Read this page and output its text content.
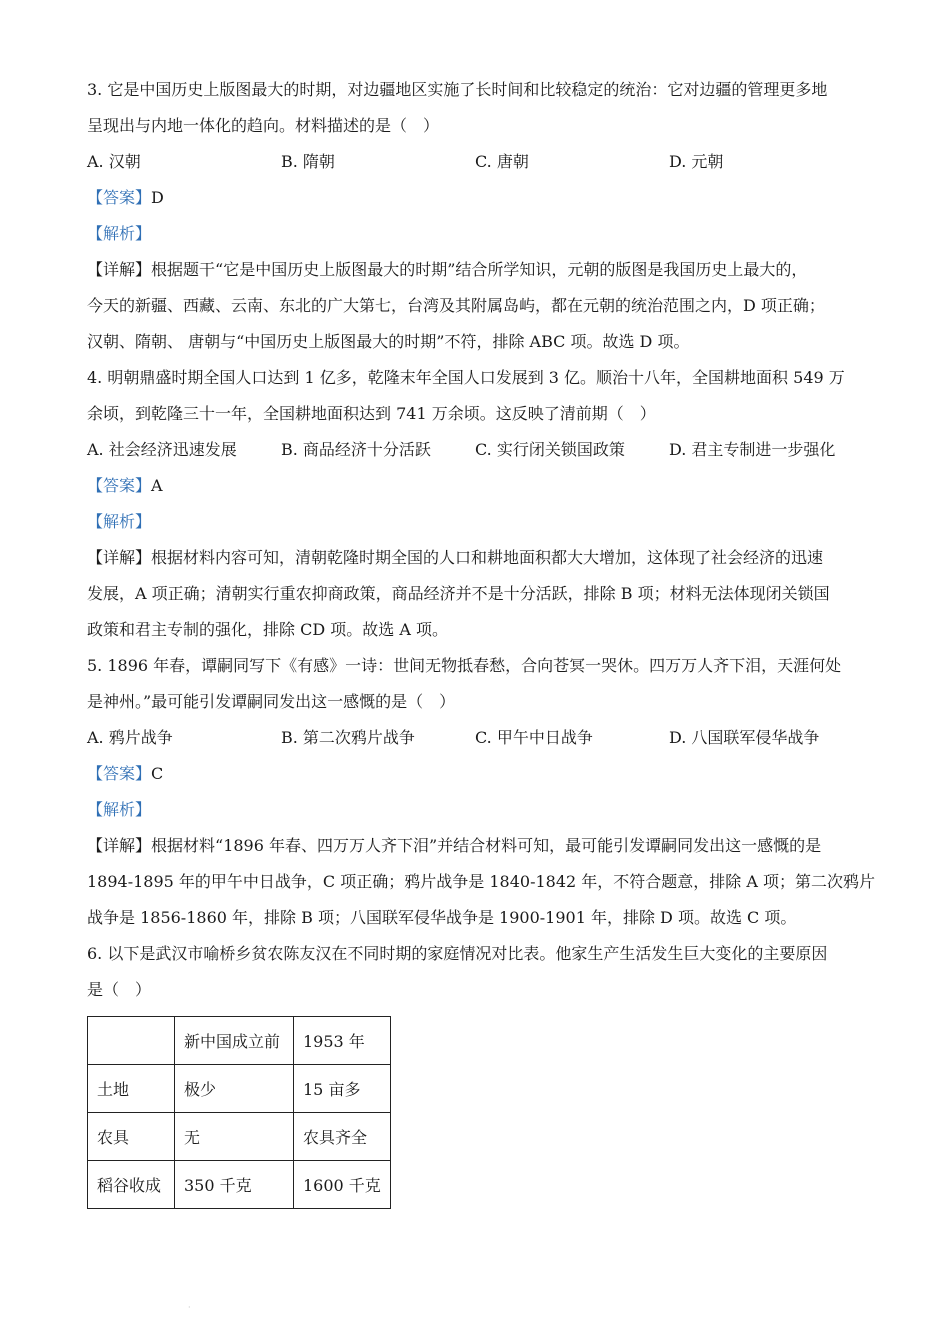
3. 它是中国历史上版图最大的时期，对边疆地区实施了长时间和比较稳定的统治：它对边疆的管理更多地
呈现出与内地一体化的趋向。材料描述的是（　）
A. 汉朝	B. 隋朝	C. 唐朝	D. 元朝
【答案】D
【解析】
【详解】根据题干“它是中国历史上版图最大的时期”结合所学知识，元朝的版图是我国历史上最大的，
今天的新疆、西藏、云南、东北的广大第七，台湾及其附属岛屿，都在元朝的统治范围之内，D 项正确；
汉朝、隋朝、 唐朝与“中国历史上版图最大的时期”不符，排除 ABC 项。故选 D 项。
4. 明朝鼎盛时期全国人口达到 1 亿多，乾隆末年全国人口发展到 3 亿。顺治十八年，全国耕地面积 549 万
余顷，到乾隆三十一年，全国耕地面积达到 741 万余顷。这反映了清前期（　）
A. 社会经济迅速发展	B. 商品经济十分活跃	C. 实行闭关锁国政策	D. 君主专制进一步强化
【答案】A
【解析】
【详解】根据材料内容可知，清朝乾隆时期全国的人口和耕地面积都大大增加，这体现了社会经济的迅速
发展，A 项正确；清朝实行重农抑商政策，商品经济并不是十分活跃，排除 B 项；材料无法体现闭关锁国
政策和君主专制的强化，排除 CD 项。故选 A 项。
5. 1896 年春，谭嗣同写下《有感》一诗：世间无物抵春愁，合向苍冥一哭休。四万万人齐下泪，天涯何处
是神州。”最可能引发谭嗣同发出这一感慨的是（　）
A. 鸦片战争	B. 第二次鸦片战争	C. 甲午中日战争	D. 八国联军侵华战争
【答案】C
【解析】
【详解】根据材料“1896 年春、四万万人齐下泪”并结合材料可知，最可能引发谭嗣同发出这一感慨的是
1894-1895 年的甲午中日战争，C 项正确；鸦片战争是 1840-1842 年，不符合题意，排除 A 项；第二次鸦片
战争是 1856-1860 年，排除 B 项；八国联军侵华战争是 1900-1901 年，排除 D 项。故选 C 项。
6. 以下是武汉市喻桥乡贫农陈友汉在不同时期的家庭情况对比表。他家生产生活发生巨大变化的主要原因
是（　）
	新中国成立前	1953 年
土地	极少	15 亩多
农具	无	农具齐全
稻谷收成	350 千克	1600 千克
·
